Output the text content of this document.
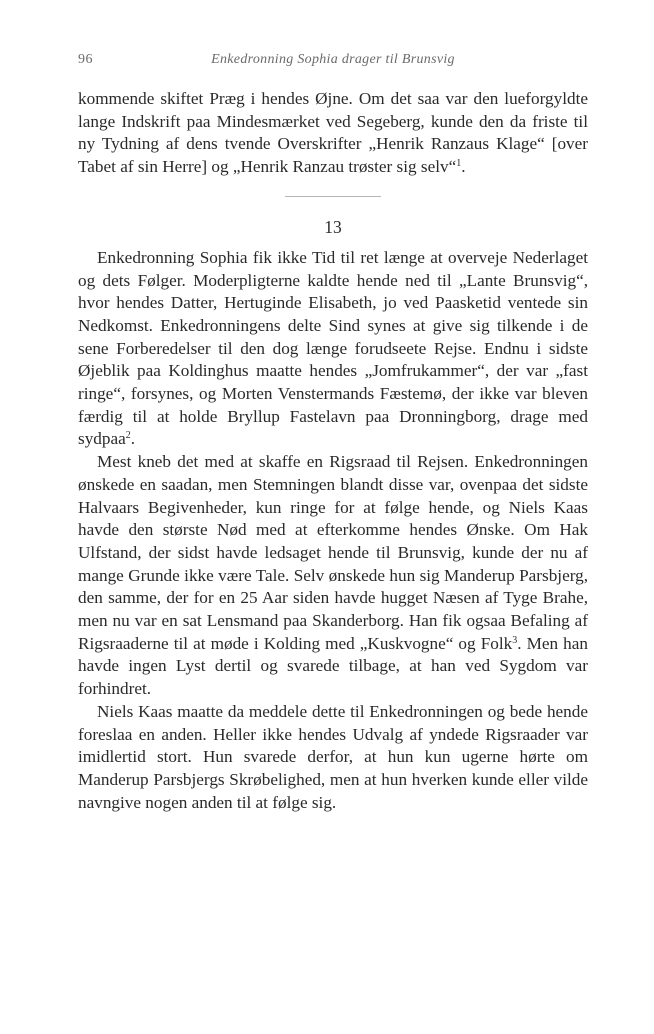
96	Enkedronning Sophia drager til Brunsvig

kommende skiftet Præg i hendes Øjne. Om det saa var den lueforgyldte lange Indskrift paa Mindesmærket ved Segeberg, kunde den da friste til ny Tydning af dens tvende Overskrifter „Henrik Ranzaus Klage“ [over Tabet af sin Herre] og „Henrik Ranzau trøster sig selv“$^1$.

13

Enkedronning Sophia fik ikke Tid til ret længe at overveje Nederlaget og dets Følger. Moderpligterne kaldte hende ned til „Lante Brunsvig“, hvor hendes Datter, Hertuginde Elisabeth, jo ved Paasketid ventede sin Nedkomst. Enkedronningens delte Sind synes at give sig tilkende i de sene Forberedelser til den dog længe forudseete Rejse. Endnu i sidste Øjeblik paa Koldinghus maatte hendes „Jomfrukammer“, der var „fast ringe“, forsynes, og Morten Venstermands Fæstemø, der ikke var bleven færdig til at holde Bryllup Fastelavn paa Dronningborg, drage med sydpaa$^2$.

Mest kneb det med at skaffe en Rigsraad til Rejsen. Enkedronningen ønskede en saadan, men Stemningen blandt disse var, ovenpaa det sidste Halvaars Begivenheder, kun ringe for at følge hende, og Niels Kaas havde den største Nød med at efterkomme hendes Ønske. Om Hak Ulfstand, der sidst havde ledsaget hende til Brunsvig, kunde der nu af mange Grunde ikke være Tale. Selv ønskede hun sig Manderup Parsbjerg, den samme, der for en 25 Aar siden havde hugget Næsen af Tyge Brahe, men nu var en sat Lensmand paa Skanderborg. Han fik ogsaa Befaling af Rigsraaderne til at møde i Kolding med „Kuskvogne“ og Folk$^3$. Men han havde ingen Lyst dertil og svarede tilbage, at han ved Sygdom var forhindret.

Niels Kaas maatte da meddele dette til Enkedronningen og bede hende foreslaa en anden. Heller ikke hendes Udvalg af yndede Rigsraader var imidlertid stort. Hun svarede derfor, at hun kun ugerne hørte om Manderup Parsbjergs Skrøbelighed, men at hun hverken kunde eller vilde navngive nogen anden til at følge sig.
